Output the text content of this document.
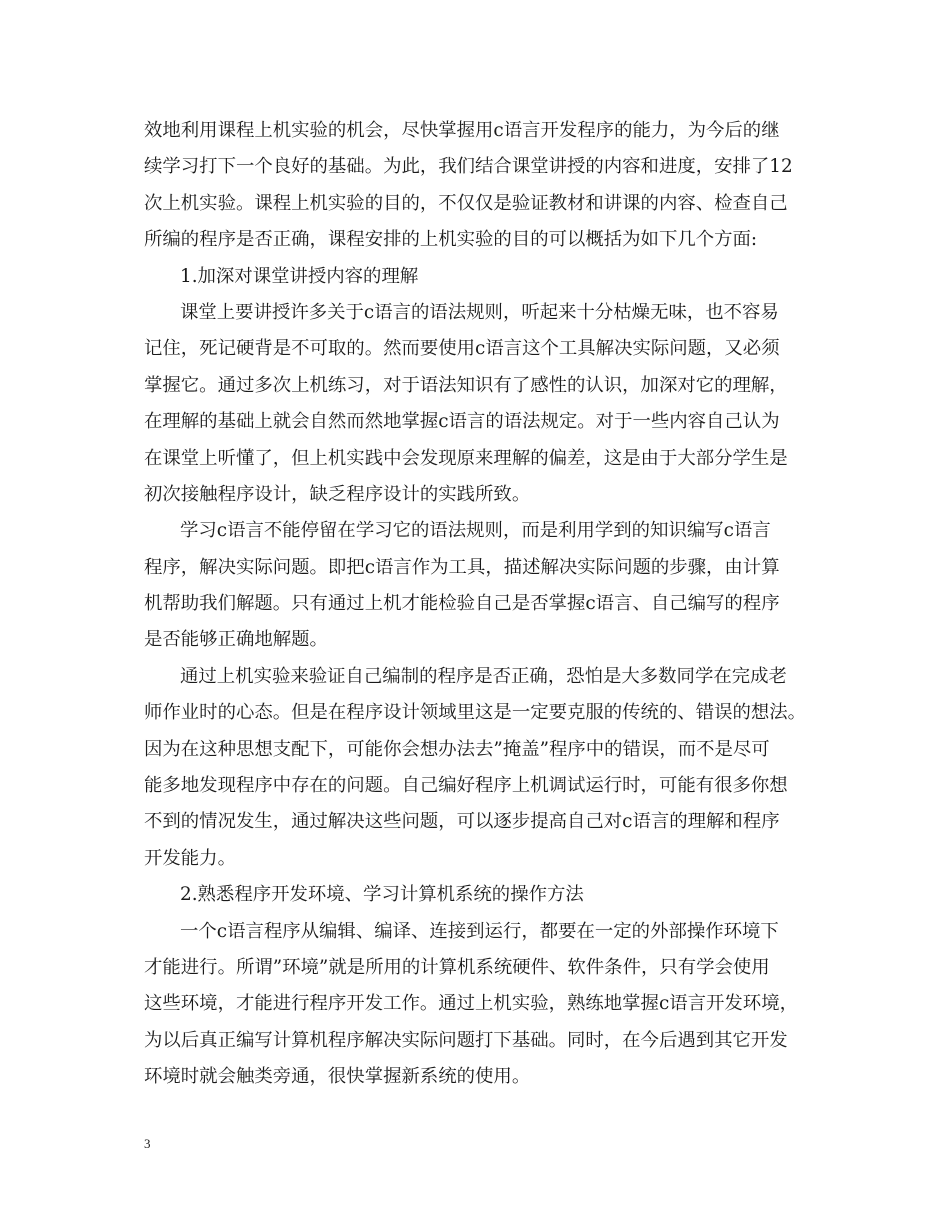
效地利用课程上机实验的机会，尽快掌握用c语言开发程序的能力，为今后的继
续学习打下一个良好的基础。为此，我们结合课堂讲授的内容和进度，安排了12
次上机实验。课程上机实验的目的，不仅仅是验证教材和讲课的内容、检查自己
所编的程序是否正确，课程安排的上机实验的目的可以概括为如下几个方面:
1.加深对课堂讲授内容的理解
课堂上要讲授许多关于c语言的语法规则，听起来十分枯燥无味，也不容易
记住，死记硬背是不可取的。然而要使用c语言这个工具解决实际问题，又必须
掌握它。通过多次上机练习，对于语法知识有了感性的认识，加深对它的理解，
在理解的基础上就会自然而然地掌握c语言的语法规定。对于一些内容自己认为
在课堂上听懂了，但上机实践中会发现原来理解的偏差，这是由于大部分学生是
初次接触程序设计，缺乏程序设计的实践所致。
学习c语言不能停留在学习它的语法规则，而是利用学到的知识编写c语言
程序，解决实际问题。即把c语言作为工具，描述解决实际问题的步骤，由计算
机帮助我们解题。只有通过上机才能检验自己是否掌握c语言、自己编写的程序
是否能够正确地解题。
通过上机实验来验证自己编制的程序是否正确，恐怕是大多数同学在完成老
师作业时的心态。但是在程序设计领域里这是一定要克服的传统的、错误的想法。
因为在这种思想支配下，可能你会想办法去”掩盖”程序中的错误，而不是尽可
能多地发现程序中存在的问题。自己编好程序上机调试运行时，可能有很多你想
不到的情况发生，通过解决这些问题，可以逐步提高自己对c语言的理解和程序
开发能力。
2.熟悉程序开发环境、学习计算机系统的操作方法
一个c语言程序从编辑、编译、连接到运行，都要在一定的外部操作环境下
才能进行。所谓”环境”就是所用的计算机系统硬件、软件条件，只有学会使用
这些环境，才能进行程序开发工作。通过上机实验，熟练地掌握c语言开发环境，
为以后真正编写计算机程序解决实际问题打下基础。同时，在今后遇到其它开发
环境时就会触类旁通，很快掌握新系统的使用。
3
